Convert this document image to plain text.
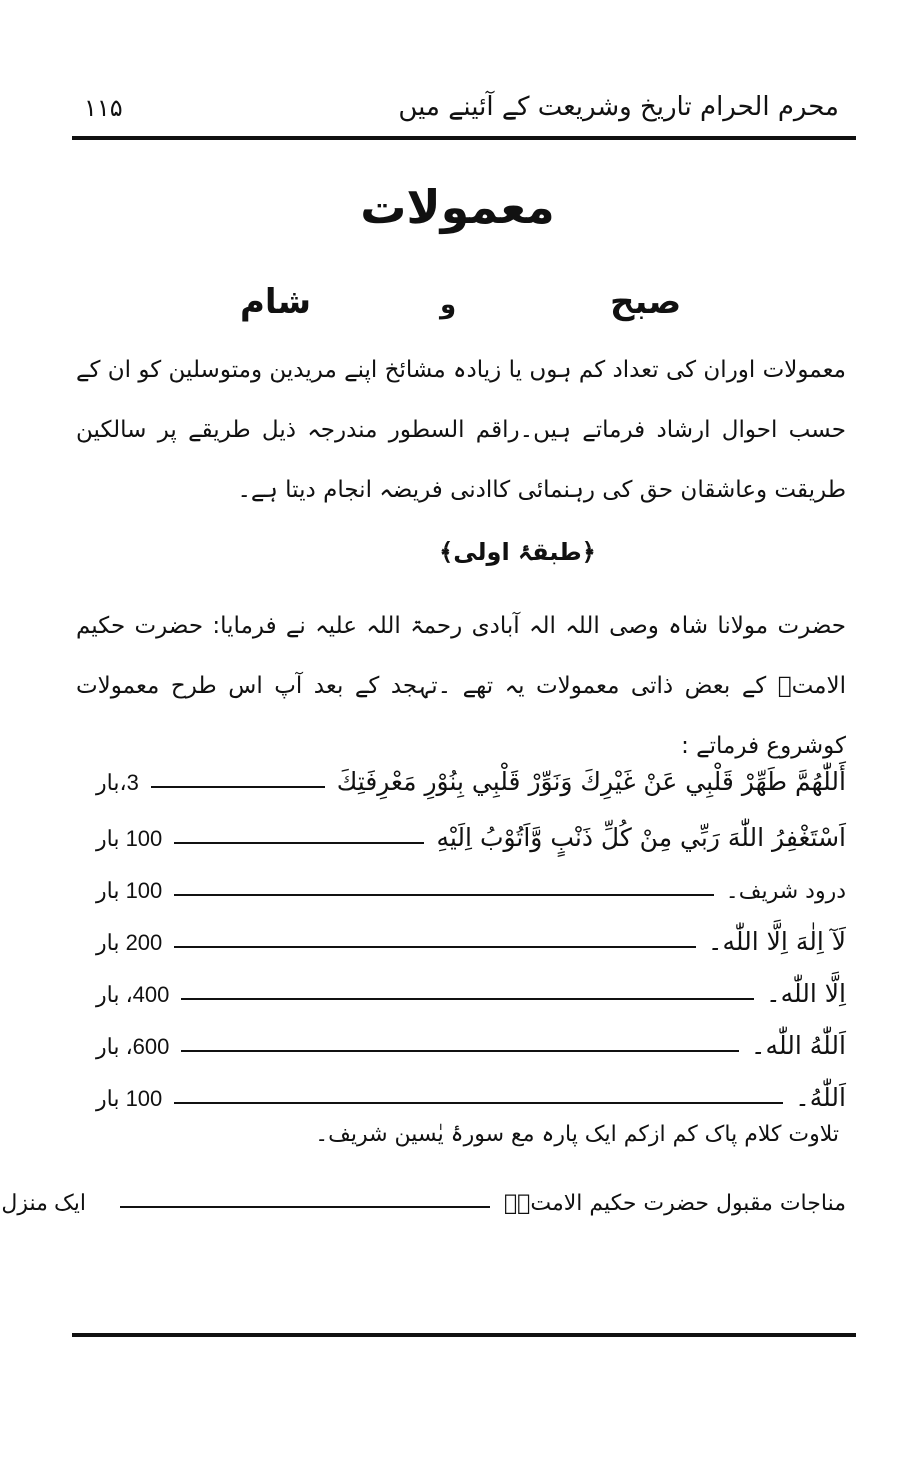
محرم الحرام تاریخ وشریعت کے آئینے میں
۱۱۵
معمولات
صبح
و
شام
معمولات اوران کی تعداد کم ہوں یا زیادہ مشائخ اپنے مریدین ومتوسلین کو ان کے حسب احوال ارشاد فرماتے ہیں۔راقم السطور مندرجہ ذیل طریقے پر سالکین طریقت وعاشقان حق کی رہنمائی کاادنی فریضہ انجام دیتا ہے۔
﴿طبقۂ اولی﴾
حضرت مولانا شاہ وصی اللہ الہ آبادی رحمۃ اللہ علیہ نے فرمایا: حضرت حکیم الامتؒ کے بعض ذاتی معمولات یہ تھے ۔تہجد کے بعد آپ اس طرح معمولات کوشروع فرماتے :
أَللّٰهُمَّ طَهِّرْ قَلْبِي عَنْ غَيْرِكَ وَنَوِّرْ قَلْبِي بِنُوْرِ مَعْرِفَتِكَ
3،بار
اَسْتَغْفِرُ اللّٰهَ رَبِّي مِنْ كُلِّ ذَنْبٍ وَّاَتُوْبُ اِلَيْهِ
100 بار
درود شریف۔
100 بار
لَآ اِلٰهَ اِلَّا اللّٰه۔
200 بار
اِلَّا اللّٰه۔
400، بار
اَللّٰهُ اللّٰه۔
600، بار
اَللّٰهُ۔
100 بار
تلاوت کلام پاک کم ازکم ایک پارہ مع سورۂ یٰسین شریف۔
مناجات مقبول حضرت حکیم الامتؒ۔
ایک منزل
